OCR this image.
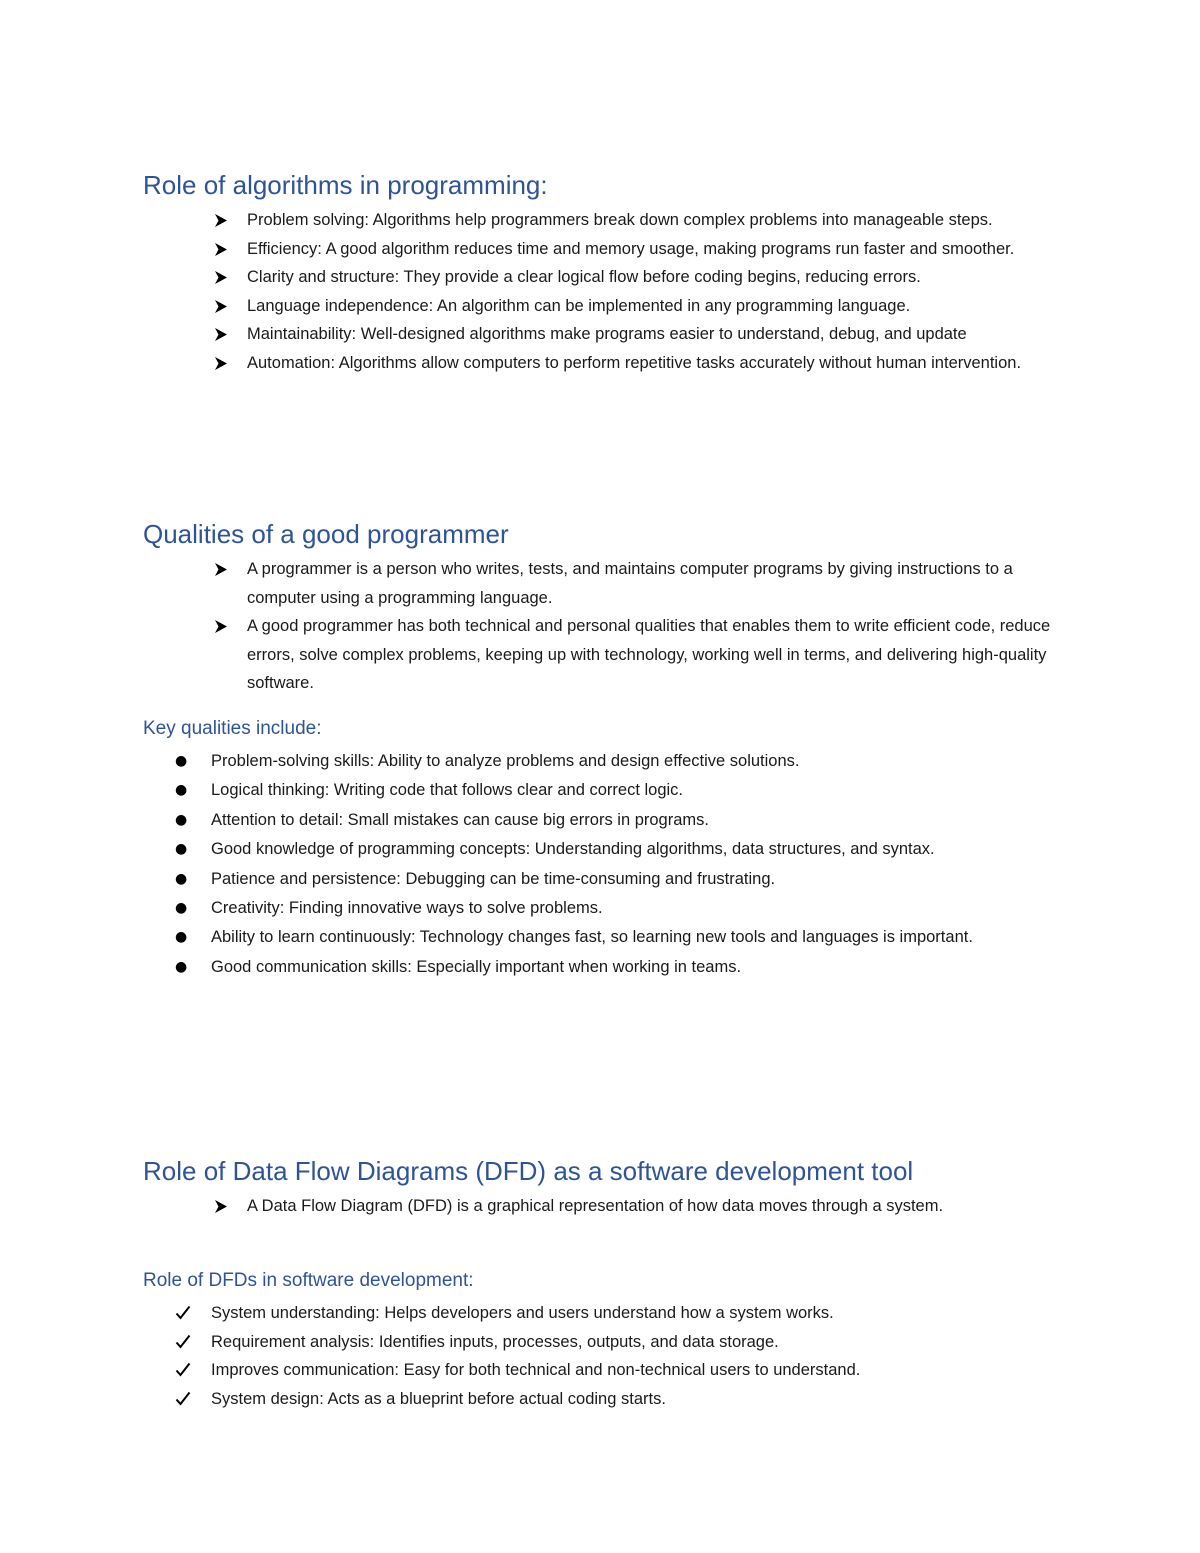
Role of algorithms in programming:
Problem solving: Algorithms help programmers break down complex problems into manageable steps.
Efficiency: A good algorithm reduces time and memory usage, making programs run faster and smoother.
Clarity and structure: They provide a clear logical flow before coding begins, reducing errors.
Language independence: An algorithm can be implemented in any programming language.
Maintainability: Well-designed algorithms make programs easier to understand, debug, and update
Automation: Algorithms allow computers to perform repetitive tasks accurately without human intervention.
Qualities of a good programmer
A programmer is a person who writes, tests, and maintains computer programs by giving instructions to a computer using a programming language.
A good programmer has both technical and personal qualities that enables them to write efficient code, reduce errors, solve complex problems, keeping up with technology, working well in terms, and delivering high-quality software.
Key qualities include:
● Problem-solving skills: Ability to analyze problems and design effective solutions.
● Logical thinking: Writing code that follows clear and correct logic.
● Attention to detail: Small mistakes can cause big errors in programs.
● Good knowledge of programming concepts: Understanding algorithms, data structures, and syntax.
● Patience and persistence: Debugging can be time-consuming and frustrating.
● Creativity: Finding innovative ways to solve problems.
● Ability to learn continuously: Technology changes fast, so learning new tools and languages is important.
● Good communication skills: Especially important when working in teams.
Role of Data Flow Diagrams (DFD) as a software development tool
A Data Flow Diagram (DFD) is a graphical representation of how data moves through a system.
Role of DFDs in software development:
System understanding: Helps developers and users understand how a system works.
Requirement analysis: Identifies inputs, processes, outputs, and data storage.
Improves communication: Easy for both technical and non-technical users to understand.
System design: Acts as a blueprint before actual coding starts.
